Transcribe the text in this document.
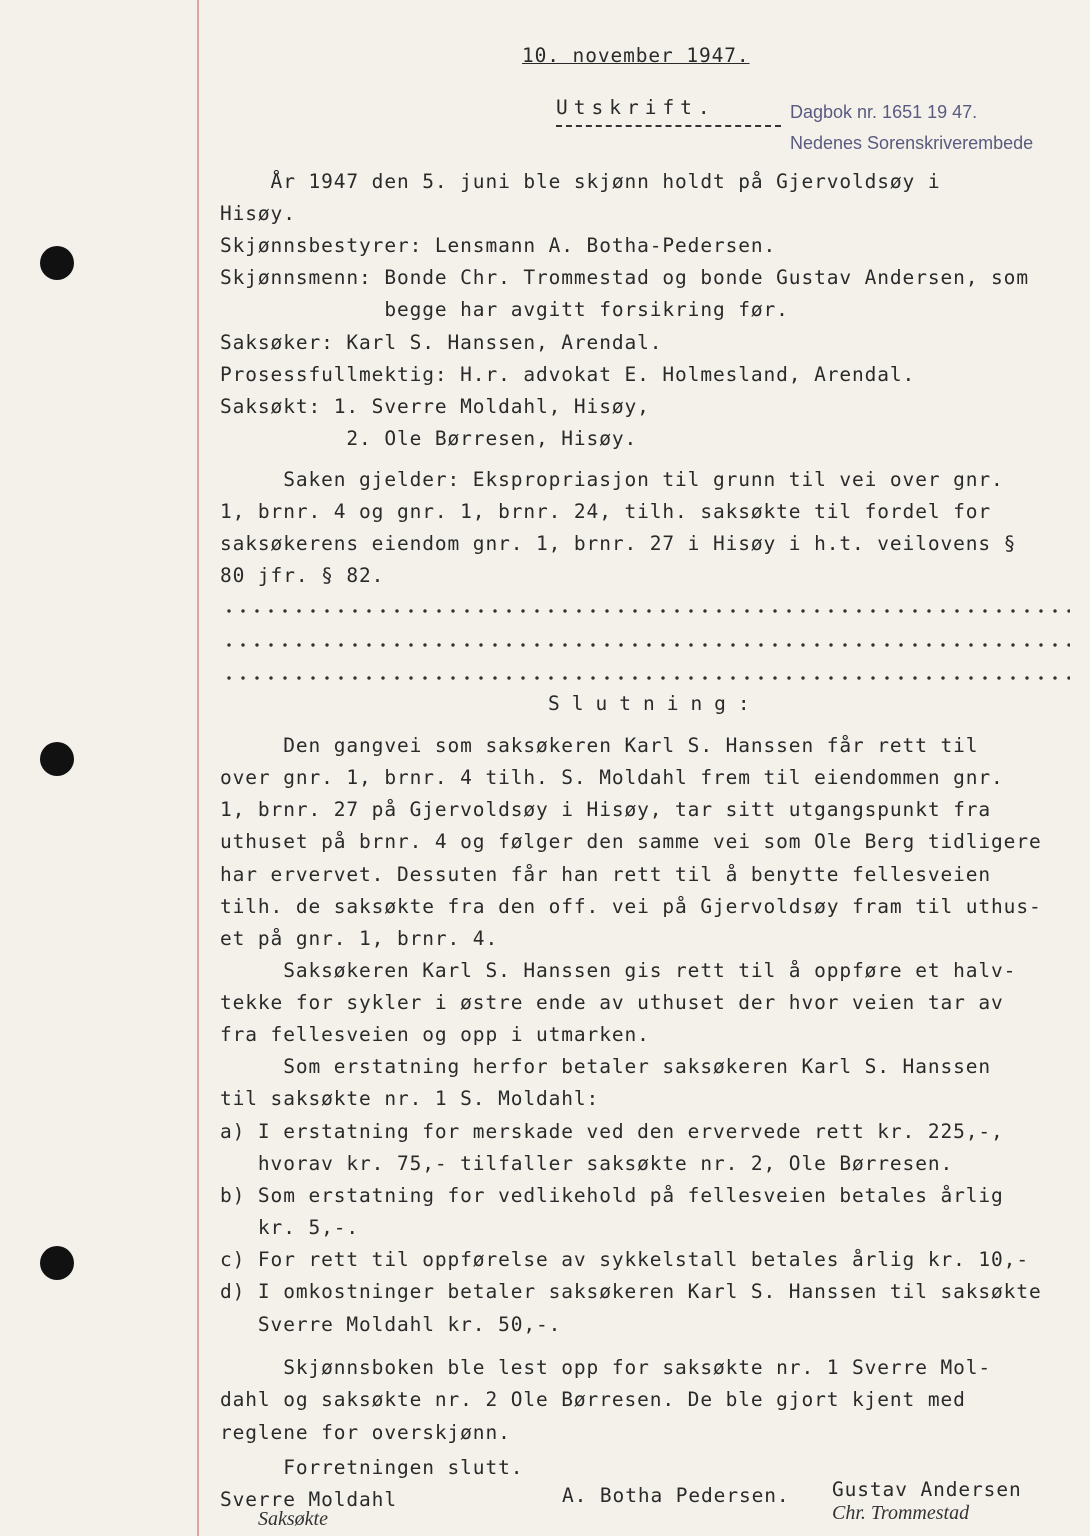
10. november 1947.
Utskrift.	Dagbok nr. 1651 19 47.
Nedenes Sorenskriverembede
År 1947 den 5. juni ble skjønn holdt på Gjervoldsøy i
Hisøy.
Skjønnsbestyrer: Lensmann A. Botha-Pedersen.
Skjønnsmenn: Bonde Chr. Trommestad og bonde Gustav Andersen, som
begge har avgitt forsikring før.
Saksøker: Karl S. Hanssen, Arendal.
Prosessfullmektig: H.r. advokat E. Holmesland, Arendal.
Saksøkt: 1. Sverre Moldahl, Hisøy,
2. Ole Børresen, Hisøy.
Saken gjelder: Ekspropriasjon til grunn til vei over gnr.
1, brnr. 4 og gnr. 1, brnr. 24, tilh. saksøkte til fordel for
saksøkerens eiendom gnr. 1, brnr. 27 i Hisøy i h.t. veilovens §
80 jfr. § 82.
Slutning:
Den gangvei som saksøkeren Karl S. Hanssen får rett til
over gnr. 1, brnr. 4 tilh. S. Moldahl frem til eiendommen gnr.
1, brnr. 27 på Gjervoldsøy i Hisøy, tar sitt utgangspunkt fra
uthuset på brnr. 4 og følger den samme vei som Ole Berg tidligere
har ervervet. Dessuten får han rett til å benytte fellesveien
tilh. de saksøkte fra den off. vei på Gjervoldsøy fram til uthus-
et på gnr. 1, brnr. 4.
Saksøkeren Karl S. Hanssen gis rett til å oppføre et halv-
tekke for sykler i østre ende av uthuset der hvor veien tar av
fra fellesveien og opp i utmarken.
Som erstatning herfor betaler saksøkeren Karl S. Hanssen
til saksøkte nr. 1 S. Moldahl:
a) I erstatning for merskade ved den ervervede rett kr. 225,-,
hvorav kr. 75,- tilfaller saksøkte nr. 2, Ole Børresen.
b) Som erstatning for vedlikehold på fellesveien betales årlig
kr. 5,-.
c) For rett til oppførelse av sykkelstall betales årlig kr. 10,-
d) I omkostninger betaler saksøkeren Karl S. Hanssen til saksøkte
Sverre Moldahl kr. 50,-.
Skjønnsboken ble lest opp for saksøkte nr. 1 Sverre Mol-
dahl og saksøkte nr. 2 Ole Børresen. De ble gjort kjent med
reglene for overskjønn.
Forretningen slutt.
Sverre Moldahl	A. Botha Pedersen. Gustav Andersen
Saksøkte	Chr. Trommestad
